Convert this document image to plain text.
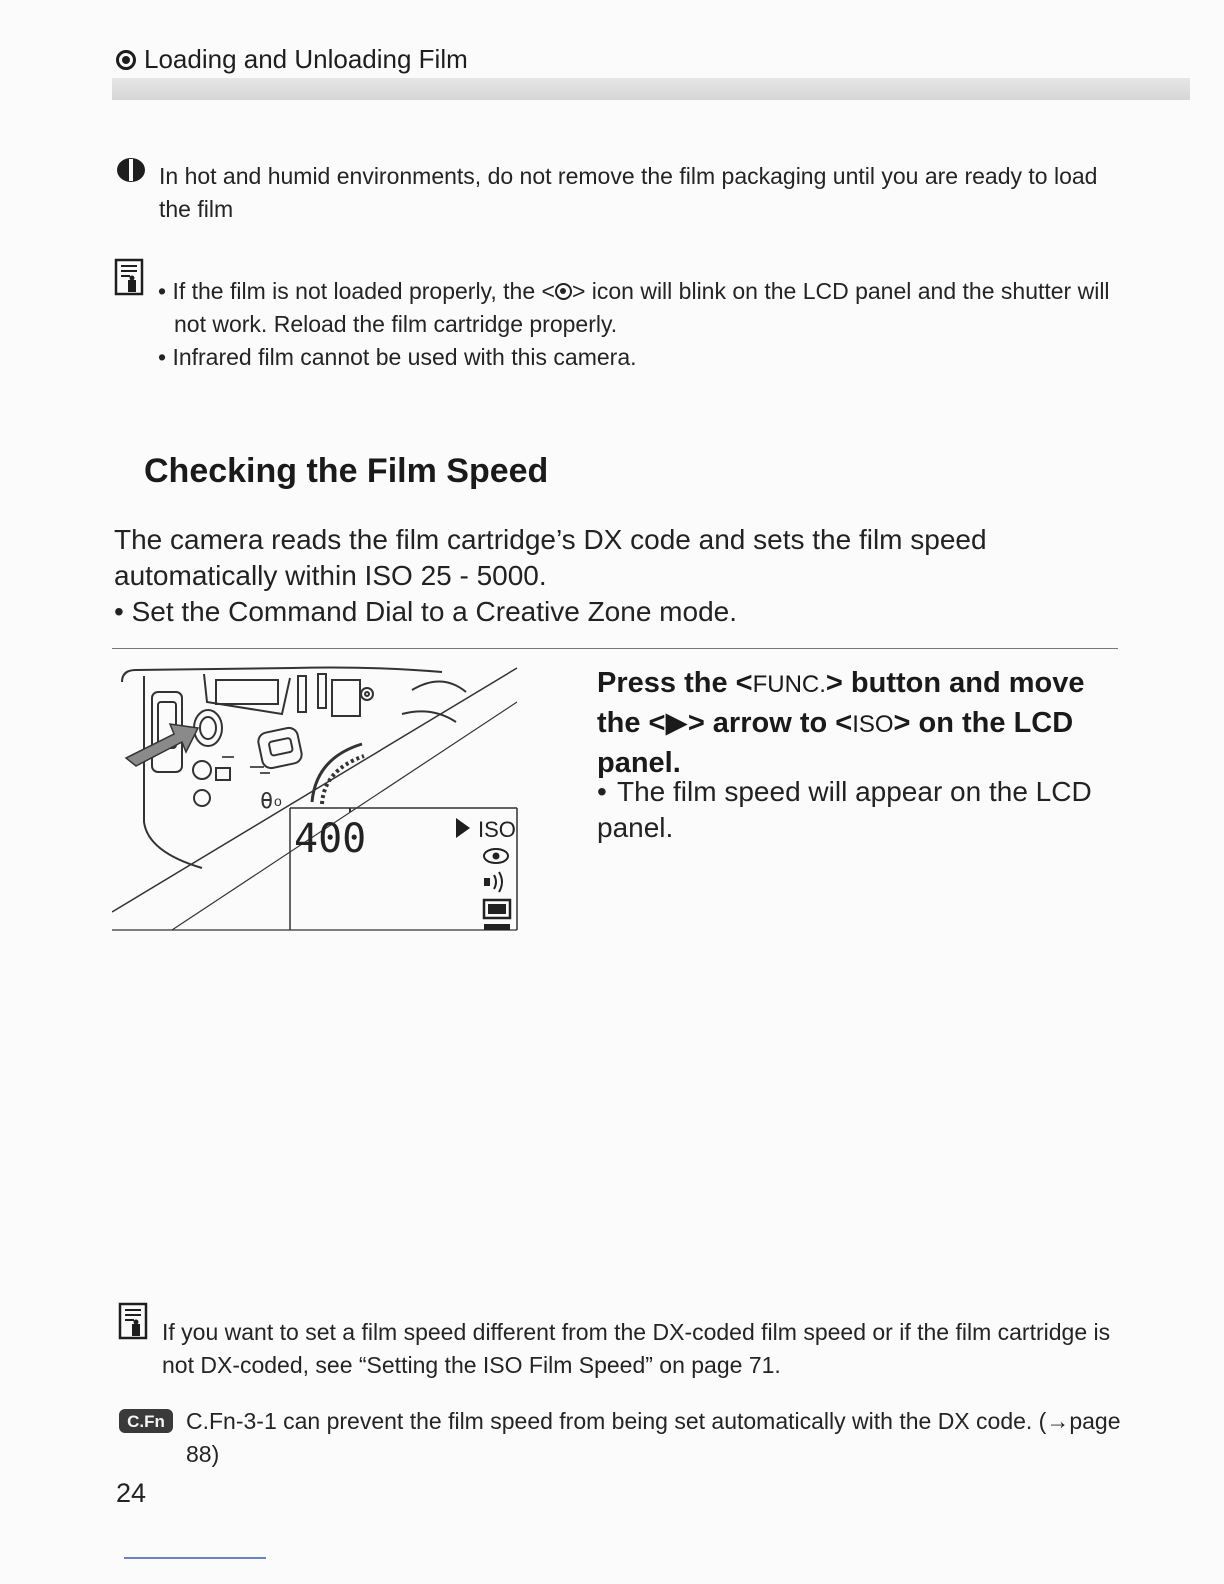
Loading and Unloading Film
In hot and humid environments, do not remove the film packaging until you are ready to load the film
• If the film is not loaded properly, the < > icon will blink on the LCD panel and the shutter will not work. Reload the film cartridge properly.
• Infrared film cannot be used with this camera.
Checking the Film Speed

The camera reads the film cartridge’s DX code and sets the film speed automatically within ISO 25 - 5000.

• Set the Command Dial to a Creative Zone mode.

θ o
400	ISO
Press the <FUNC.> button and move the <▶> arrow to <ISO> on the LCD panel.
• The film speed will appear on the LCD panel.
If you want to set a film speed different from the DX-coded film speed or if the film cartridge is not DX-coded, see “Setting the ISO Film Speed” on page 71.
C.Fn C.Fn-3-1 can prevent the film speed from being set automatically with the DX code. (→page 88)
24
